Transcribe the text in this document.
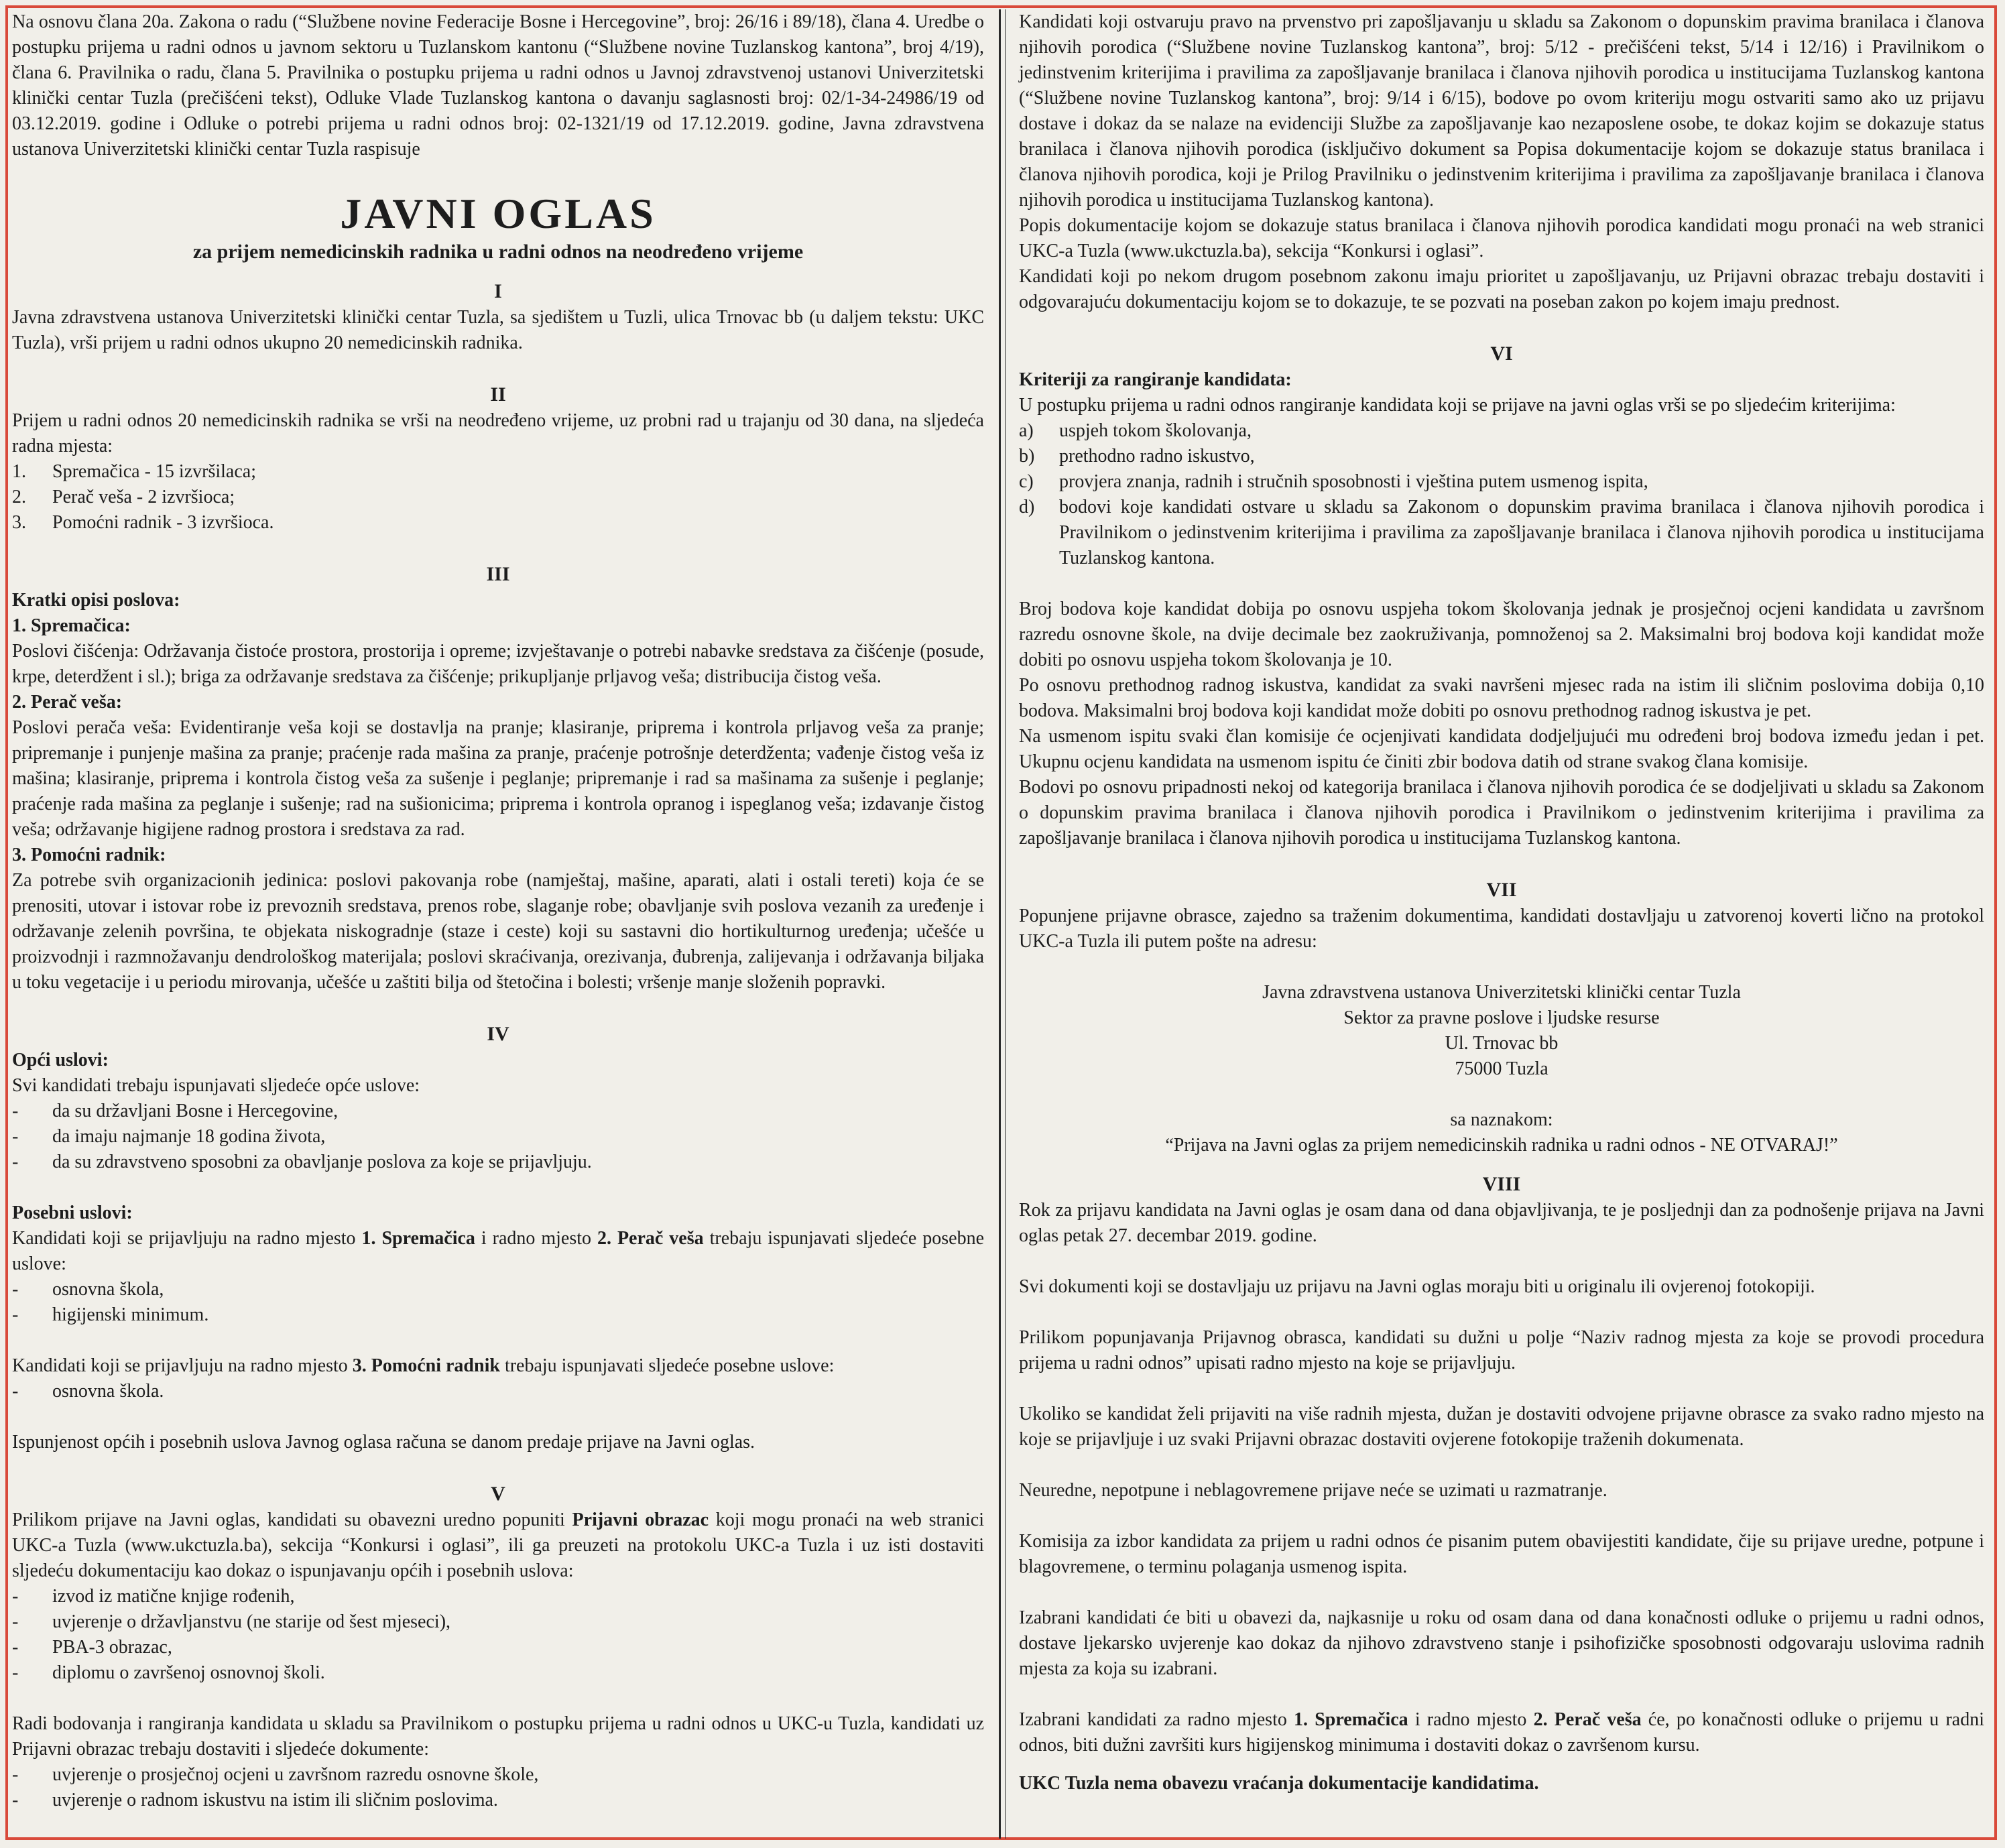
Na osnovu člana 20a. Zakona o radu (“Službene novine Federacije Bosne i Hercegovine”, broj: 26/16 i 89/18), člana 4. Uredbe o postupku prijema u radni odnos u javnom sektoru u Tuzlanskom kantonu (“Službene novine Tuzlanskog kantona”, broj 4/19), člana 6. Pravilnika o radu, člana 5. Pravilnika o postupku prijema u radni odnos u Javnoj zdravstvenoj ustanovi Univerzitetski klinički centar Tuzla (prečišćeni tekst), Odluke Vlade Tuzlanskog kantona o davanju saglasnosti broj: 02/1-34-24986/19 od 03.12.2019. godine i Odluke o potrebi prijema u radni odnos broj: 02-1321/19 od 17.12.2019. godine, Javna zdravstvena ustanova Univerzitetski klinički centar Tuzla raspisuje

JAVNI OGLAS
za prijem nemedicinskih radnika u radni odnos na neodređeno vrijeme
I

Javna zdravstvena ustanova Univerzitetski klinički centar Tuzla, sa sjedištem u Tuzli, ulica Trnovac bb (u daljem tekstu: UKC Tuzla), vrši prijem u radni odnos ukupno 20 nemedicinskih radnika.

II

Prijem u radni odnos 20 nemedicinskih radnika se vrši na neodređeno vrijeme, uz probni rad u trajanju od 30 dana, na sljedeća radna mjesta:

1. Spremačica - 15 izvršilaca;
2. Perač veša - 2 izvršioca;
3. Pomoćni radnik - 3 izvršioca.
III

Kratki opisi poslova:

1. Spremačica:

Poslovi čišćenja: Održavanja čistoće prostora, prostorija i opreme; izvještavanje o potrebi nabavke sredstava za čišćenje (posude, krpe, deterdžent i sl.); briga za održavanje sredstava za čišćenje; prikupljanje prljavog veša; distribucija čistog veša.

2. Perač veša:

Poslovi perača veša: Evidentiranje veša koji se dostavlja na pranje; klasiranje, priprema i kontrola prljavog veša za pranje; pripremanje i punjenje mašina za pranje; praćenje rada mašina za pranje, praćenje potrošnje deterdženta; vađenje čistog veša iz mašina; klasiranje, priprema i kontrola čistog veša za sušenje i peglanje; pripremanje i rad sa mašinama za sušenje i peglanje; praćenje rada mašina za peglanje i sušenje; rad na sušionicima; priprema i kontrola opranog i ispeglanog veša; izdavanje čistog veša; održavanje higijene radnog prostora i sredstava za rad.

3. Pomoćni radnik:

Za potrebe svih organizacionih jedinica: poslovi pakovanja robe (namještaj, mašine, aparati, alati i ostali tereti) koja će se prenositi, utovar i istovar robe iz prevoznih sredstava, prenos robe, slaganje robe; obavljanje svih poslova vezanih za uređenje i održavanje zelenih površina, te objekata niskogradnje (staze i ceste) koji su sastavni dio hortikulturnog uređenja; učešće u proizvodnji i razmnožavanju dendrološkog materijala; poslovi skraćivanja, orezivanja, đubrenja, zalijevanja i održavanja biljaka u toku vegetacije i u periodu mirovanja, učešće u zaštiti bilja od štetočina i bolesti; vršenje manje složenih popravki.

IV

Opći uslovi:

Svi kandidati trebaju ispunjavati sljedeće opće uslove:

- da su državljani Bosne i Hercegovine,
- da imaju najmanje 18 godina života,
- da su zdravstveno sposobni za obavljanje poslova za koje se prijavljuju.

Posebni uslovi:

Kandidati koji se prijavljuju na radno mjesto 1. Spremačica i radno mjesto 2. Perač veša trebaju ispunjavati sljedeće posebne uslove:

- osnovna škola,
- higijenski minimum.

Kandidati koji se prijavljuju na radno mjesto 3. Pomoćni radnik trebaju ispunjavati sljedeće posebne uslove:

- osnovna škola.

Ispunjenost općih i posebnih uslova Javnog oglasa računa se danom predaje prijave na Javni oglas.

V

Prilikom prijave na Javni oglas, kandidati su obavezni uredno popuniti Prijavni obrazac koji mogu pronaći na web stranici UKC-a Tuzla (www.ukctuzla.ba), sekcija “Konkursi i oglasi”, ili ga preuzeti na protokolu UKC-a Tuzla i uz isti dostaviti sljedeću dokumentaciju kao dokaz o ispunjavanju općih i posebnih uslova:

- izvod iz matične knjige rođenih,
- uvjerenje o državljanstvu (ne starije od šest mjeseci),
- PBA-3 obrazac,
- diplomu o završenoj osnovnoj školi.

Radi bodovanja i rangiranja kandidata u skladu sa Pravilnikom o postupku prijema u radni odnos u UKC-u Tuzla, kandidati uz Prijavni obrazac trebaju dostaviti i sljedeće dokumente:

- uvjerenje o prosječnoj ocjeni u završnom razredu osnovne škole,
- uvjerenje o radnom iskustvu na istim ili sličnim poslovima.

Kandidati koji ostvaruju pravo na prvenstvo pri zapošljavanju u skladu sa Zakonom o dopunskim pravima branilaca i članova njihovih porodica (“Službene novine Tuzlanskog kantona”, broj: 5/12 - prečišćeni tekst, 5/14 i 12/16) i Pravilnikom o jedinstvenim kriterijima i pravilima za zapošljavanje branilaca i članova njihovih porodica u institucijama Tuzlanskog kantona (“Službene novine Tuzlanskog kantona”, broj: 9/14 i 6/15), bodove po ovom kriteriju mogu ostvariti samo ako uz prijavu dostave i dokaz da se nalaze na evidenciji Službe za zapošljavanje kao nezaposlene osobe, te dokaz kojim se dokazuje status branilaca i članova njihovih porodica (isključivo dokument sa Popisa dokumentacije kojom se dokazuje status branilaca i članova njihovih porodica, koji je Prilog Pravilniku o jedinstvenim kriterijima i pravilima za zapošljavanje branilaca i članova njihovih porodica u institucijama Tuzlanskog kantona).

Popis dokumentacije kojom se dokazuje status branilaca i članova njihovih porodica kandidati mogu pronaći na web stranici UKC-a Tuzla (www.ukctuzla.ba), sekcija “Konkursi i oglasi”.

Kandidati koji po nekom drugom posebnom zakonu imaju prioritet u zapošljavanju, uz Prijavni obrazac trebaju dostaviti i odgovarajuću dokumentaciju kojom se to dokazuje, te se pozvati na poseban zakon po kojem imaju prednost.

VI

Kriteriji za rangiranje kandidata:

U postupku prijema u radni odnos rangiranje kandidata koji se prijave na javni oglas vrši se po sljedećim kriterijima:

a) uspjeh tokom školovanja,
b) prethodno radno iskustvo,
c) provjera znanja, radnih i stručnih sposobnosti i vještina putem usmenog ispita,
d) bodovi koje kandidati ostvare u skladu sa Zakonom o dopunskim pravima branilaca i članova njihovih porodica i Pravilnikom o jedinstvenim kriterijima i pravilima za zapošljavanje branilaca i članova njihovih porodica u institucijama Tuzlanskog kantona.

Broj bodova koje kandidat dobija po osnovu uspjeha tokom školovanja jednak je prosječnoj ocjeni kandidata u završnom razredu osnovne škole, na dvije decimale bez zaokruživanja, pomnoženoj sa 2. Maksimalni broj bodova koji kandidat može dobiti po osnovu uspjeha tokom školovanja je 10.

Po osnovu prethodnog radnog iskustva, kandidat za svaki navršeni mjesec rada na istim ili sličnim poslovima dobija 0,10 bodova. Maksimalni broj bodova koji kandidat može dobiti po osnovu prethodnog radnog iskustva je pet.

Na usmenom ispitu svaki član komisije će ocjenjivati kandidata dodjeljujući mu određeni broj bodova između jedan i pet. Ukupnu ocjenu kandidata na usmenom ispitu će činiti zbir bodova datih od strane svakog člana komisije.

Bodovi po osnovu pripadnosti nekoj od kategorija branilaca i članova njihovih porodica će se dodjeljivati u skladu sa Zakonom o dopunskim pravima branilaca i članova njihovih porodica i Pravilnikom o jedinstvenim kriterijima i pravilima za zapošljavanje branilaca i članova njihovih porodica u institucijama Tuzlanskog kantona.

VII

Popunjene prijavne obrasce, zajedno sa traženim dokumentima, kandidati dostavljaju u zatvorenoj koverti lično na protokol UKC-a Tuzla ili putem pošte na adresu:

Javna zdravstvena ustanova Univerzitetski klinički centar Tuzla

Sektor za pravne poslove i ljudske resurse

Ul. Trnovac bb

75000 Tuzla

sa naznakom:

“Prijava na Javni oglas za prijem nemedicinskih radnika u radni odnos - NE OTVARAJ!”

VIII

Rok za prijavu kandidata na Javni oglas je osam dana od dana objavljivanja, te je posljednji dan za podnošenje prijava na Javni oglas petak 27. decembar 2019. godine.

Svi dokumenti koji se dostavljaju uz prijavu na Javni oglas moraju biti u originalu ili ovjerenoj fotokopiji.

Prilikom popunjavanja Prijavnog obrasca, kandidati su dužni u polje “Naziv radnog mjesta za koje se provodi procedura prijema u radni odnos” upisati radno mjesto na koje se prijavljuju.

Ukoliko se kandidat želi prijaviti na više radnih mjesta, dužan je dostaviti odvojene prijavne obrasce za svako radno mjesto na koje se prijavljuje i uz svaki Prijavni obrazac dostaviti ovjerene fotokopije traženih dokumenata.

Neuredne, nepotpune i neblagovremene prijave neće se uzimati u razmatranje.

Komisija za izbor kandidata za prijem u radni odnos će pisanim putem obavijestiti kandidate, čije su prijave uredne, potpune i blagovremene, o terminu polaganja usmenog ispita.

Izabrani kandidati će biti u obavezi da, najkasnije u roku od osam dana od dana konačnosti odluke o prijemu u radni odnos, dostave ljekarsko uvjerenje kao dokaz da njihovo zdravstveno stanje i psihofizičke sposobnosti odgovaraju uslovima radnih mjesta za koja su izabrani.

Izabrani kandidati za radno mjesto 1. Spremačica i radno mjesto 2. Perač veša će, po konačnosti odluke o prijemu u radni odnos, biti dužni završiti kurs higijenskog minimuma i dostaviti dokaz o završenom kursu.

UKC Tuzla nema obavezu vraćanja dokumentacije kandidatima.
